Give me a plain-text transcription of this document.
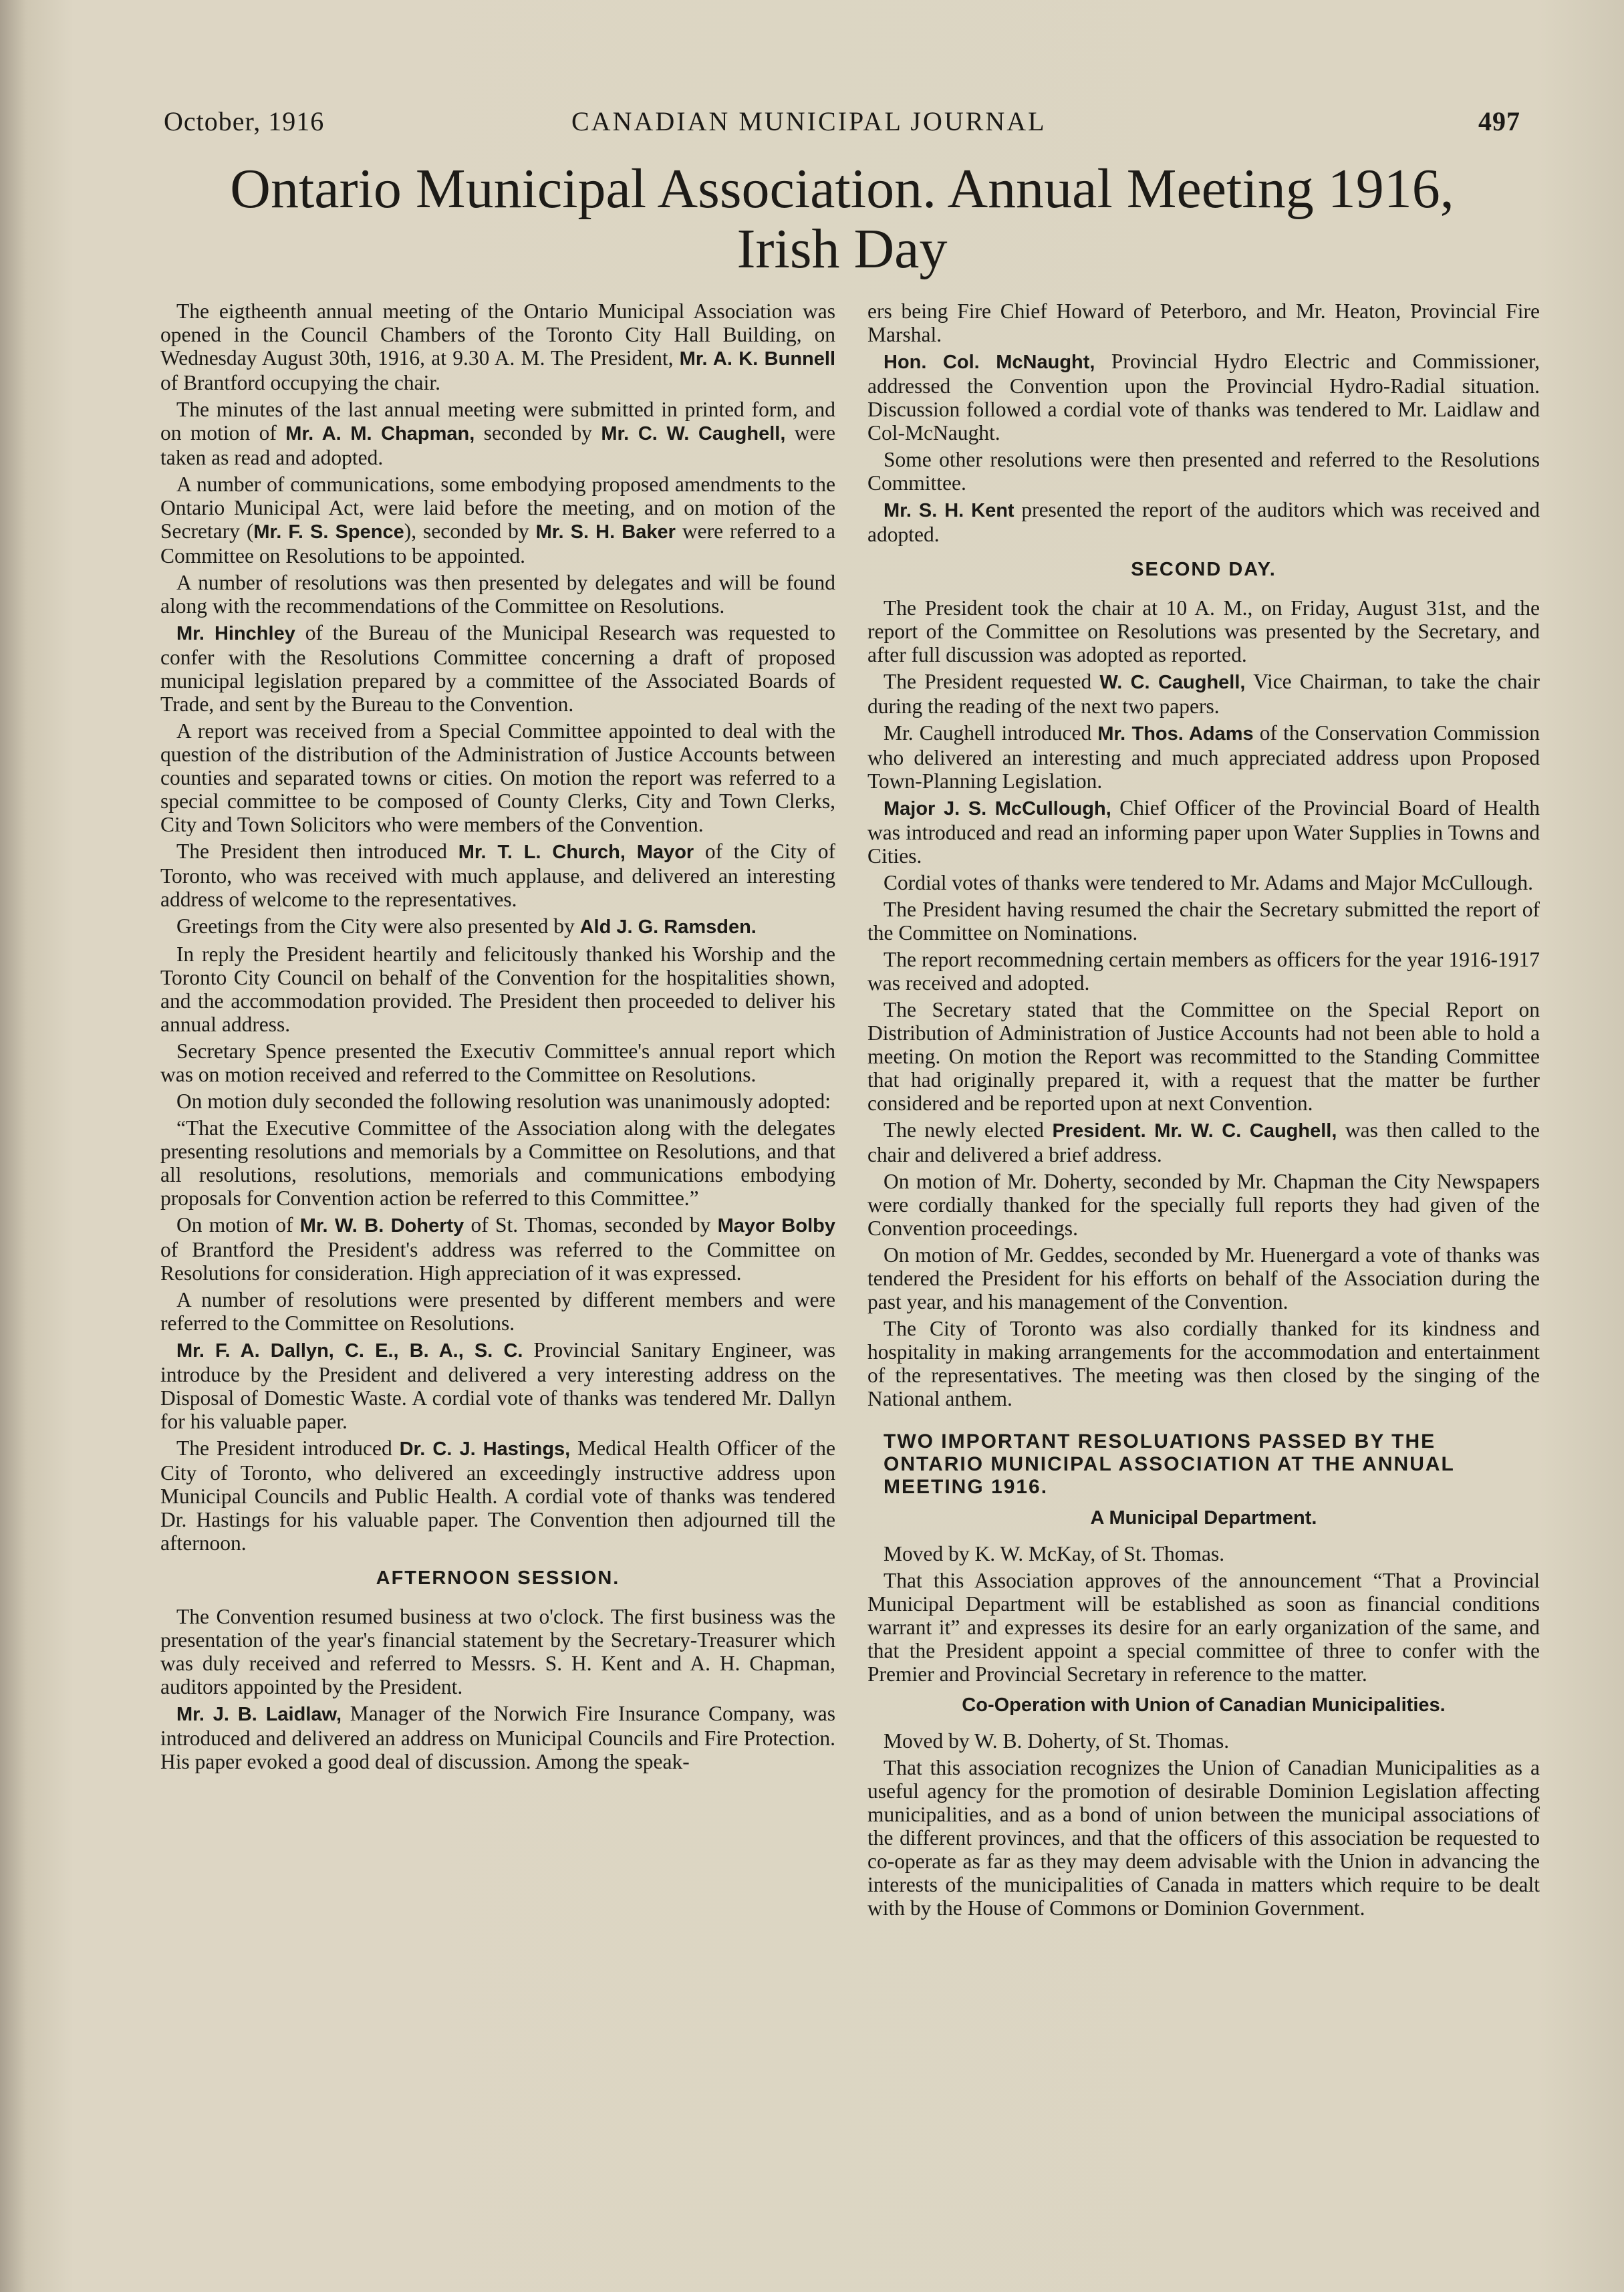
October, 1916	CANADIAN MUNICIPAL JOURNAL	497
Ontario Municipal Association. Annual Meeting 1916,
Irish Day

The eigtheenth annual meeting of the Ontario Municipal Association was opened in the Council Chambers of the Toronto City Hall Building, on Wednesday August 30th, 1916, at 9.30 A. M. The President, Mr. A. K. Bunnell of Brantford occupying the chair.

The minutes of the last annual meeting were submitted in printed form, and on motion of Mr. A. M. Chapman, seconded by Mr. C. W. Caughell, were taken as read and adopted.

A number of communications, some embodying proposed amendments to the Ontario Municipal Act, were laid before the meeting, and on motion of the Secretary (Mr. F. S. Spence), seconded by Mr. S. H. Baker were referred to a Committee on Resolutions to be appointed.

A number of resolutions was then presented by delegates and will be found along with the recommendations of the Committee on Resolutions.

Mr. Hinchley of the Bureau of the Municipal Research was requested to confer with the Resolutions Committee concerning a draft of proposed municipal legislation prepared by a committee of the Associated Boards of Trade, and sent by the Bureau to the Convention.

A report was received from a Special Committee appointed to deal with the question of the distribution of the Administration of Justice Accounts between counties and separated towns or cities. On motion the report was referred to a special committee to be composed of County Clerks, City and Town Clerks, City and Town Solicitors who were members of the Convention.

The President then introduced Mr. T. L. Church, Mayor of the City of Toronto, who was received with much applause, and delivered an interesting address of welcome to the representatives.

Greetings from the City were also presented by Ald J. G. Ramsden.

In reply the President heartily and felicitously thanked his Worship and the Toronto City Council on behalf of the Convention for the hospitalities shown, and the accommodation provided. The President then proceeded to deliver his annual address.

Secretary Spence presented the Executiv Committee's annual report which was on motion received and referred to the Committee on Resolutions.

On motion duly seconded the following resolution was unanimously adopted:

“That the Executive Committee of the Association along with the delegates presenting resolutions and memorials by a Committee on Resolutions, and that all resolutions, resolutions, memorials and communications embodying proposals for Convention action be referred to this Committee.”

On motion of Mr. W. B. Doherty of St. Thomas, seconded by Mayor Bolby of Brantford the President's address was referred to the Committee on Resolutions for consideration. High appreciation of it was expressed.

A number of resolutions were presented by different members and were referred to the Committee on Resolutions.

Mr. F. A. Dallyn, C. E., B. A., S. C. Provincial Sanitary Engineer, was introduce by the President and delivered a very interesting address on the Disposal of Domestic Waste. A cordial vote of thanks was tendered Mr. Dallyn for his valuable paper.

The President introduced Dr. C. J. Hastings, Medical Health Officer of the City of Toronto, who delivered an exceedingly instructive address upon Municipal Councils and Public Health. A cordial vote of thanks was tendered Dr. Hastings for his valuable paper. The Convention then adjourned till the afternoon.

AFTERNOON SESSION.

The Convention resumed business at two o'clock. The first business was the presentation of the year's financial statement by the Secretary-Treasurer which was duly received and referred to Messrs. S. H. Kent and A. H. Chapman, auditors appointed by the President.

Mr. J. B. Laidlaw, Manager of the Norwich Fire Insurance Company, was introduced and delivered an address on Municipal Councils and Fire Protection. His paper evoked a good deal of discussion. Among the speak-

ers being Fire Chief Howard of Peterboro, and Mr. Heaton, Provincial Fire Marshal.

Hon. Col. McNaught, Provincial Hydro Electric and Commissioner, addressed the Convention upon the Provincial Hydro-Radial situation. Discussion followed a cordial vote of thanks was tendered to Mr. Laidlaw and Col-McNaught.

Some other resolutions were then presented and referred to the Resolutions Committee.

Mr. S. H. Kent presented the report of the auditors which was received and adopted.

SECOND DAY.

The President took the chair at 10 A. M., on Friday, August 31st, and the report of the Committee on Resolutions was presented by the Secretary, and after full discussion was adopted as reported.

The President requested W. C. Caughell, Vice Chairman, to take the chair during the reading of the next two papers.

Mr. Caughell introduced Mr. Thos. Adams of the Conservation Commission who delivered an interesting and much appreciated address upon Proposed Town-Planning Legislation.

Major J. S. McCullough, Chief Officer of the Provincial Board of Health was introduced and read an informing paper upon Water Supplies in Towns and Cities.

Cordial votes of thanks were tendered to Mr. Adams and Major McCullough.

The President having resumed the chair the Secretary submitted the report of the Committee on Nominations.

The report recommedning certain members as officers for the year 1916-1917 was received and adopted.

The Secretary stated that the Committee on the Special Report on Distribution of Administration of Justice Accounts had not been able to hold a meeting. On motion the Report was recommitted to the Standing Committee that had originally prepared it, with a request that the matter be further considered and be reported upon at next Convention.

The newly elected President. Mr. W. C. Caughell, was then called to the chair and delivered a brief address.

On motion of Mr. Doherty, seconded by Mr. Chapman the City Newspapers were cordially thanked for the specially full reports they had given of the Convention proceedings.

On motion of Mr. Geddes, seconded by Mr. Huenergard a vote of thanks was tendered the President for his efforts on behalf of the Association during the past year, and his management of the Convention.

The City of Toronto was also cordially thanked for its kindness and hospitality in making arrangements for the accommodation and entertainment of the representatives. The meeting was then closed by the singing of the National anthem.

TWO IMPORTANT RESOLUATIONS PASSED BY THE ONTARIO MUNICIPAL ASSOCIATION AT THE ANNUAL MEETING 1916.
A Municipal Department.

Moved by K. W. McKay, of St. Thomas.

That this Association approves of the announcement “That a Provincial Municipal Department will be established as soon as financial conditions warrant it” and expresses its desire for an early organization of the same, and that the President appoint a special committee of three to confer with the Premier and Provincial Secretary in reference to the matter.

Co-Operation with Union of Canadian Municipalities.

Moved by W. B. Doherty, of St. Thomas.

That this association recognizes the Union of Canadian Municipalities as a useful agency for the promotion of desirable Dominion Legislation affecting municipalities, and as a bond of union between the municipal associations of the different provinces, and that the officers of this association be requested to co-operate as far as they may deem advisable with the Union in advancing the interests of the municipalities of Canada in matters which require to be dealt with by the House of Commons or Dominion Government.
